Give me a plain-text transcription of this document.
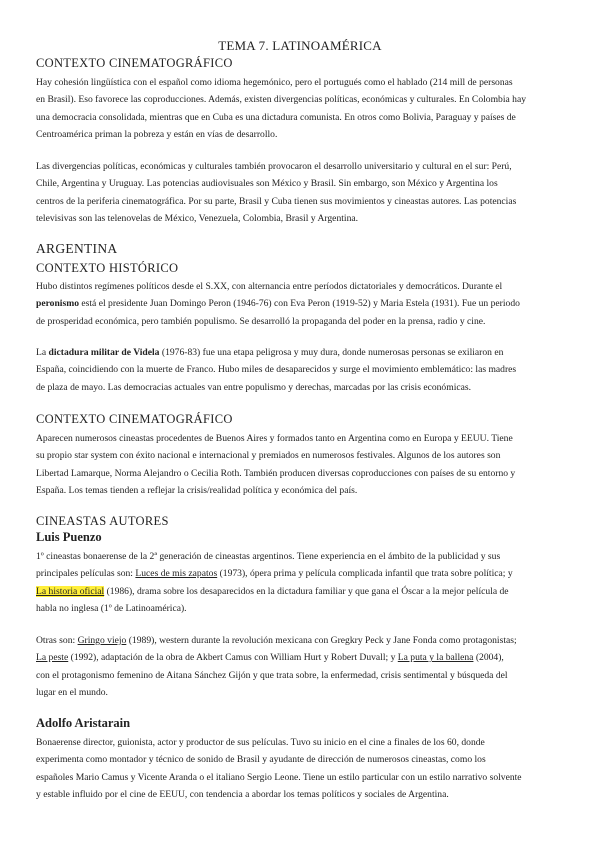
TEMA 7. LATINOAMÉRICA
CONTEXTO CINEMATOGRÁFICO

Hay cohesión lingüística con el español como idioma hegemónico, pero el portugués como el hablado (214 mill de personas

en Brasil). Eso favorece las coproducciones. Además, existen divergencias políticas, económicas y culturales. En Colombia hay

una democracia consolidada, mientras que en Cuba es una dictadura comunista. En otros como Bolivia, Paraguay y países de

Centroamérica priman la pobreza y están en vías de desarrollo.

Las divergencias políticas, económicas y culturales también provocaron el desarrollo universitario y cultural en el sur: Perú,

Chile, Argentina y Uruguay. Las potencias audiovisuales son México y Brasil. Sin embargo, son México y Argentina los

centros de la periferia cinematográfica. Por su parte, Brasil y Cuba tienen sus movimientos y cineastas autores. Las potencias

televisivas son las telenovelas de México, Venezuela, Colombia, Brasil y Argentina.

ARGENTINA
CONTEXTO HISTÓRICO

Hubo distintos regímenes políticos desde el S.XX, con alternancia entre períodos dictatoriales y democráticos. Durante el

peronismo está el presidente Juan Domingo Peron (1946-76) con Eva Peron (1919-52) y Maria Estela (1931). Fue un periodo

de prosperidad económica, pero también populismo. Se desarrolló la propaganda del poder en la prensa, radio y cine.

La dictadura militar de Videla (1976-83) fue una etapa peligrosa y muy dura, donde numerosas personas se exiliaron en

España, coincidiendo con la muerte de Franco. Hubo miles de desaparecidos y surge el movimiento emblemático: las madres

de plaza de mayo. Las democracias actuales van entre populismo y derechas, marcadas por las crisis económicas.

CONTEXTO CINEMATOGRÁFICO

Aparecen numerosos cineastas procedentes de Buenos Aires y formados tanto en Argentina como en Europa y EEUU. Tiene

su propio star system con éxito nacional e internacional y premiados en numerosos festivales. Algunos de los autores son

Libertad Lamarque, Norma Alejandro o Cecilia Roth. También producen diversas coproducciones con países de su entorno y

España. Los temas tienden a reflejar la crisis/realidad política y económica del país.

CINEASTAS AUTORES
Luis Puenzo

1º cineastas bonaerense de la 2ª generación de cineastas argentinos. Tiene experiencia en el ámbito de la publicidad y sus

principales películas son: Luces de mis zapatos (1973), ópera prima y película complicada infantil que trata sobre política; y

La historia oficial (1986), drama sobre los desaparecidos en la dictadura familiar y que gana el Óscar a la mejor película de

habla no inglesa (1º de Latinoamérica).

Otras son: Gringo viejo (1989), western durante la revolución mexicana con Gregkry Peck y Jane Fonda como protagonistas;

La peste (1992), adaptación de la obra de Akbert Camus con William Hurt y Robert Duvall; y La puta y la ballena (2004),

con el protagonismo femenino de Aitana Sánchez Gijón y que trata sobre, la enfermedad, crisis sentimental y búsqueda del

lugar en el mundo.

Adolfo Aristarain

Bonaerense director, guionista, actor y productor de sus películas. Tuvo su inicio en el cine a finales de los 60, donde

experimenta como montador y técnico de sonido de Brasil y ayudante de dirección de numerosos cineastas, como los

españoles Mario Camus y Vicente Aranda o el italiano Sergio Leone. Tiene un estilo particular con un estilo narrativo solvente

y estable influido por el cine de EEUU, con tendencia a abordar los temas políticos y sociales de Argentina.
